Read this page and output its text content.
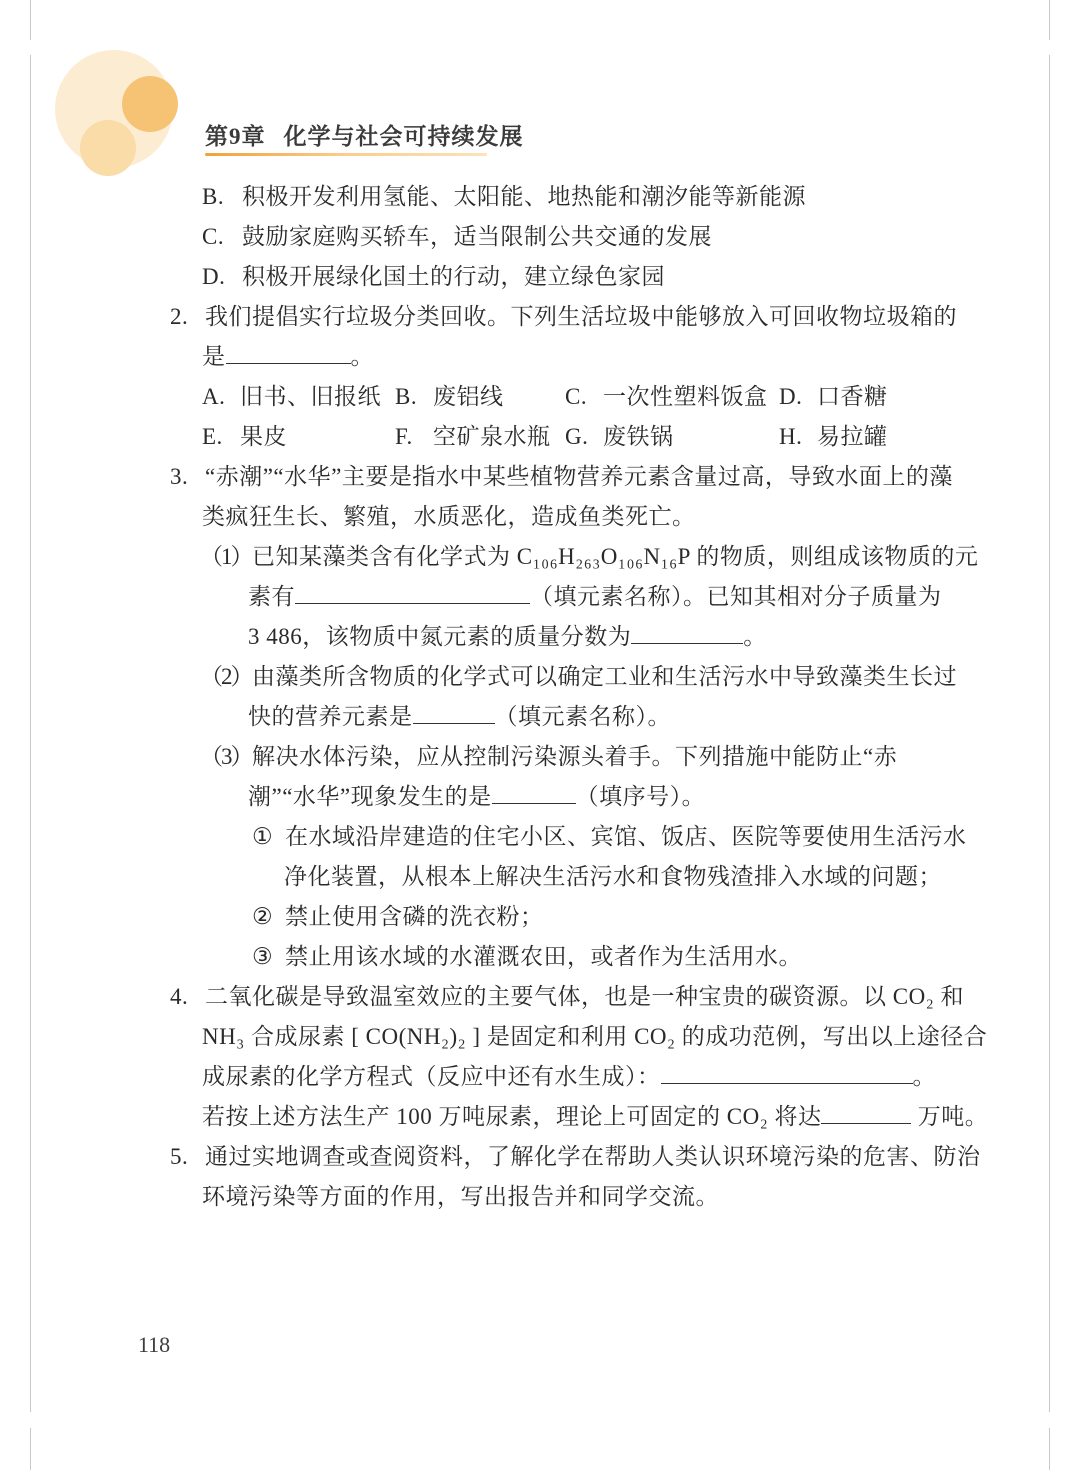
第9章 化学与社会可持续发展
B. 积极开发利用氢能、太阳能、地热能和潮汐能等新能源
C. 鼓励家庭购买轿车，适当限制公共交通的发展
D. 积极开展绿化国土的行动，建立绿色家园
2. 我们提倡实行垃圾分类回收。下列生活垃圾中能够放入可回收物垃圾箱的
是	。
A. 旧书、旧报纸 B. 废铝线	C. 一次性塑料饭盒 D. 口香糖
E. 果皮	F. 空矿泉水瓶 G. 废铁锅	H. 易拉罐
3. “赤潮”“水华”主要是指水中某些植物营养元素含量过高，导致水面上的藻
类疯狂生长、繁殖，水质恶化，造成鱼类死亡。
（1）已知某藻类含有化学式为 C₁₀₆H₂₆₃O₁₀₆N₁₆P 的物质，则组成该物质的元
素有	（填元素名称）。已知其相对分子质量为
3 486，该物质中氮元素的质量分数为	。
（2）由藻类所含物质的化学式可以确定工业和生活污水中导致藻类生长过
快的营养元素是	（填元素名称）。
（3）解决水体污染，应从控制污染源头着手。下列措施中能防止“赤
潮”“水华”现象发生的是	（填序号）。
① 在水域沿岸建造的住宅小区、宾馆、饭店、医院等要使用生活污水
净化装置，从根本上解决生活污水和食物残渣排入水域的问题；
② 禁止使用含磷的洗衣粉；
③ 禁止用该水域的水灌溉农田，或者作为生活用水。
4. 二氧化碳是导致温室效应的主要气体，也是一种宝贵的碳资源。以 CO₂ 和
NH₃ 合成尿素 [ CO(NH₂)₂ ] 是固定和利用 CO₂ 的成功范例，写出以上途径合
成尿素的化学方程式（反应中还有水生成）：	。
若按上述方法生产 100 万吨尿素，理论上可固定的 CO₂ 将达	万吨。
5. 通过实地调查或查阅资料，了解化学在帮助人类认识环境污染的危害、防治
环境污染等方面的作用，写出报告并和同学交流。
118
